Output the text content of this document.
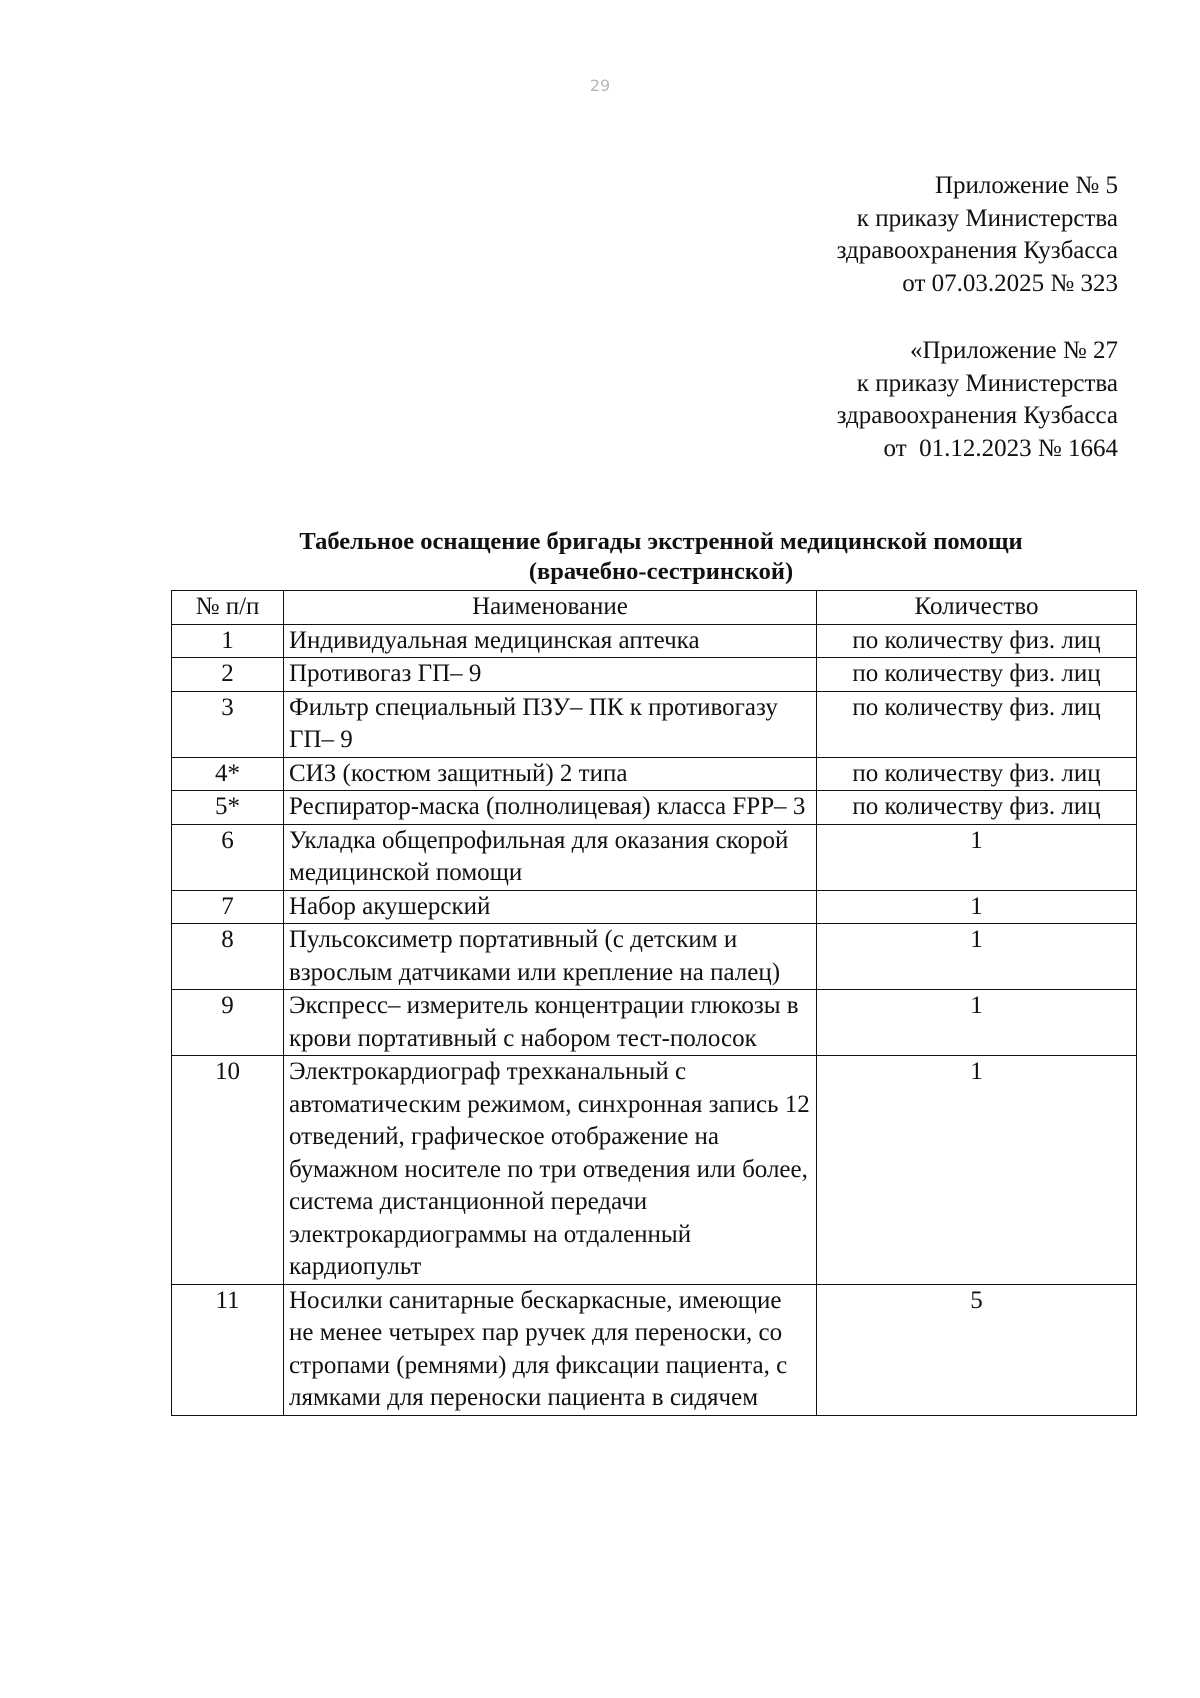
29
Приложение № 5
к приказу Министерства
здравоохранения Кузбасса
от 07.03.2025 № 323
«Приложение № 27
к приказу Министерства
здравоохранения Кузбасса
от  01.12.2023 № 1664
Табельное оснащение бригады экстренной медицинской помощи
(врачебно-сестринской)
№ п/п	Наименование	Количество
1	Индивидуальная медицинская аптечка	по количеству физ. лиц
2	Противогаз ГП– 9	по количеству физ. лиц
3	Фильтр специальный ПЗУ– ПК к противогазу ГП– 9	по количеству физ. лиц
4*	СИЗ (костюм защитный) 2 типа	по количеству физ. лиц
5*	Респиратор-маска (полнолицевая) класса FPP– 3	по количеству физ. лиц
6	Укладка общепрофильная для оказания скорой медицинской помощи	1
7	Набор акушерский	1
8	Пульсоксиметр портативный (с детским и взрослым датчиками или крепление на палец)	1
9	Экспресс– измеритель концентрации глюкозы в крови портативный с набором тест-полосок	1
10	Электрокардиограф трехканальный с автоматическим режимом, синхронная запись 12 отведений, графическое отображение на бумажном носителе по три отведения или более, система дистанционной передачи электрокардиограммы на отдаленный кардиопульт	1
11	Носилки санитарные бескаркасные, имеющие не менее четырех пар ручек для переноски, со стропами (ремнями) для фиксации пациента, с лямками для переноски пациента в сидячем	5
